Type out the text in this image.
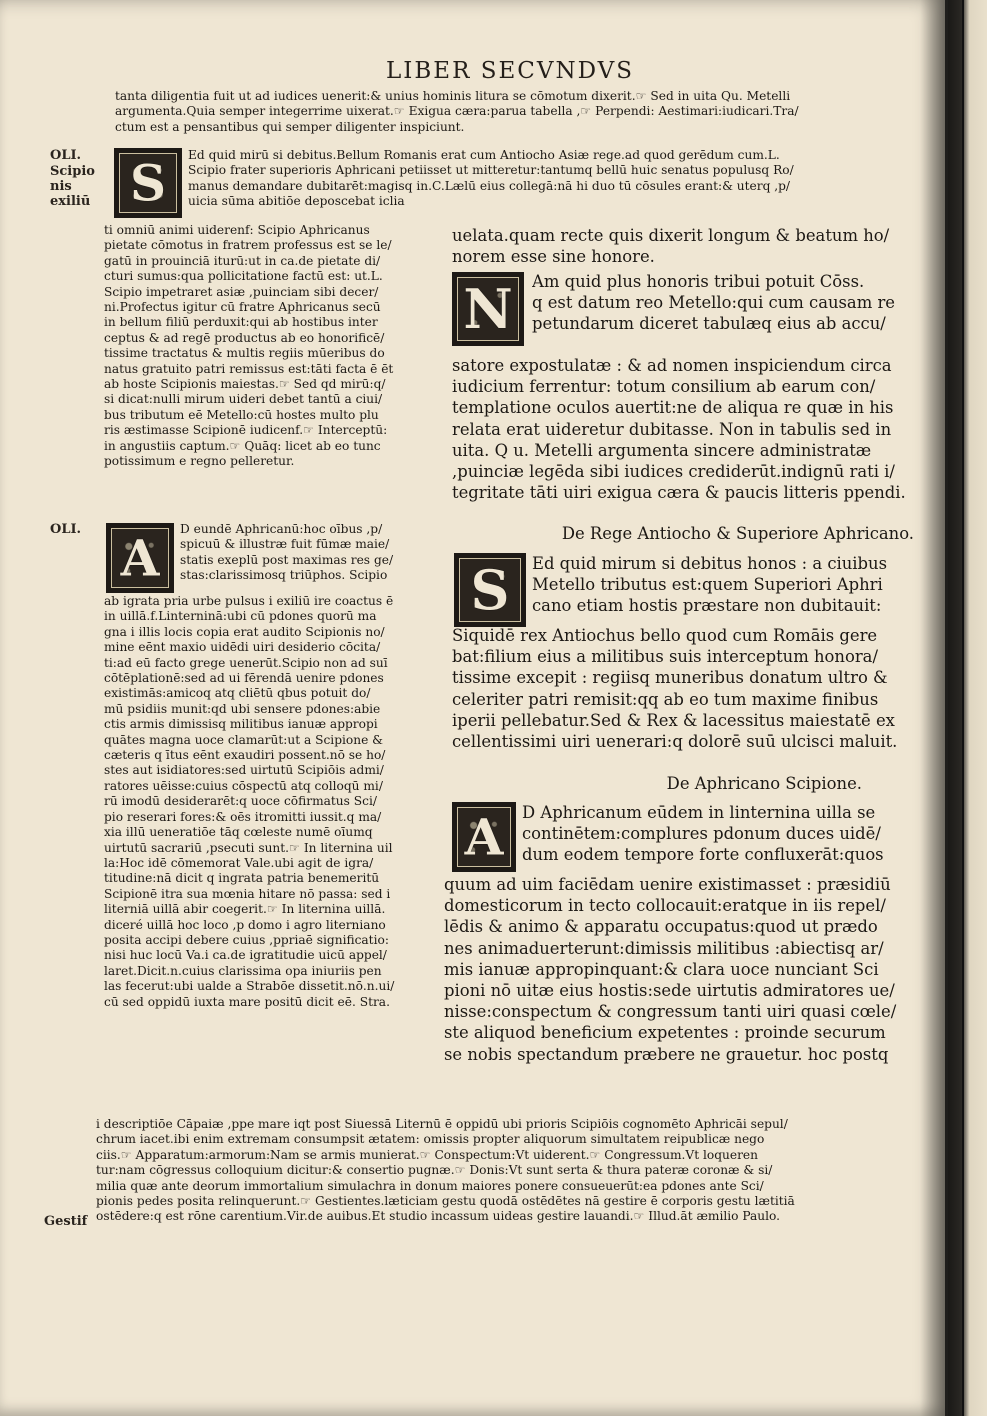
LIBER SECVNDVS
OLI.
Scipio
nis
exiliū
OLI.
Gestif
tanta diligentia fuit ut ad iudices uenerit:& unius hominis litura se cōmotum dixerit.☞ Sed in uita Qu. Metelli
argumenta.Quia semper integerrime uixerat.☞ Exigua cæra:parua tabella ,☞ Perpendi: Aestimari:iudicari.Tra/
ctum est a pensantibus qui semper diligenter inspiciunt.
S	Ed quid mirū si debitus.Bellum Romanis erat cum Antiocho Asiæ rege.ad quod gerēdum cum.L.
Scipio frater superioris Aphricani petiisset ut mitteretur:tantumq bellū huic senatus populusq Ro/
manus demandare dubitarēt:magisq in.C.Lælū eius collegā:nā hi duo tū cōsules erant:& uterq ,p/
uicia sūma abitiōe deposcebat iclia
ti omniū animi uiderenf: Scipio Aphricanus
pietate cōmotus in fratrem professus est se le/
gatū in prouinciā iturū:ut in ca.de pietate di/
cturi sumus:qua pollicitatione factū est: ut.L.
Scipio impetraret asiæ ,puinciam sibi decer/
ni.Profectus igitur cū fratre Aphricanus secū
in bellum filiū perduxit:qui ab hostibus inter
ceptus & ad regē productus ab eo honorificē/
tissime tractatus & multis regiis mūeribus do
natus gratuito patri remissus est:tāti facta ē ēt
ab hoste Scipionis maiestas.☞ Sed qd mirū:q/
si dicat:nulli mirum uideri debet tantū a ciui/
bus tributum eē Metello:cū hostes multo plu
ris æstimasse Scipionē iudicenf.☞ Interceptū:
in angustiis captum.☞ Quāq: licet ab eo tunc
potissimum e regno pelleretur.
A	D eundē Aphricanū:hoc oībus ,p/
spicuū & illustræ fuit fūmæ maie/
statis exeplū post maximas res ge/
stas:clarissimosq triūphos. Scipio
ab igrata pria urbe pulsus i exiliū ire coactus ē
in uillā.f.Linterninā:ubi cū pdones quorū ma
gna i illis locis copia erat audito Scipionis no/
mine eēnt maxio uidēdi uiri desiderio cōcita/
ti:ad eū facto grege uenerūt.Scipio non ad suī
cōtēplationē:sed ad ui fērendā uenire pdones
existimās:amicoq atq cliētū qbus potuit do/
mū psidiis munit:qd ubi sensere pdones:abie
ctis armis dimissisq militibus ianuæ appropi
quātes magna uoce clamarūt:ut a Scipione &
cæteris q ītus eēnt exaudiri possent.nō se ho/
stes aut isidiatores:sed uirtutū Scipiōis admi/
ratores uēisse:cuius cōspectū atq colloqū mi/
rū imodū desiderarēt:q uoce cōfirmatus Sci/
pio reserari fores:& oēs itromitti iussit.q ma/
xia illū ueneratiōe tāq cœleste numē oīumq
uirtutū sacrariū ,psecuti sunt.☞ In liternina uil
la:Hoc idē cōmemorat Vale.ubi agit de igra/
titudine:nā dicit q ingrata patria benemeritū
Scipionē itra sua mœnia hitare nō passa: sed i
literniā uillā abir coegerit.☞ In liternina uillā.
diceré uillā hoc loco ,p domo i agro literniano
posita accipi debere cuius ,ppriaē significatio:
nisi huc locū Va.i ca.de igratitudie uicū appel/
laret.Dicit.n.cuius clarissima opa iniuriis pen
las fecerut:ubi ualde a Strabōe dissetit.nō.n.ui/
cū sed oppidū iuxta mare positū dicit eē. Stra.
uelata.quam recte quis dixerit longum & beatum ho/
norem esse sine honore.
N	Am quid plus honoris tribui potuit Cōss.
q est datum reo Metello:qui cum causam re
petundarum diceret tabulæq eius ab accu/
satore expostulatæ : & ad nomen inspiciendum circa
iudicium ferrentur: totum consilium ab earum con/
templatione oculos auertit:ne de aliqua re quæ in his
relata erat uideretur dubitasse. Non in tabulis sed in
uita. Q u. Metelli argumenta sincere administratæ
,puinciæ legēda sibi iudices crediderūt.indignū rati i/
tegritate tāti uiri exigua cæra & paucis litteris ppendi.
De Rege Antiocho & Superiore Aphricano.
S	Ed quid mirum si debitus honos : a ciuibus
Metello tributus est:quem Superiori Aphri
cano etiam hostis præstare non dubitauit:
Siquidē rex Antiochus bello quod cum Romāis gere
bat:filium eius a militibus suis interceptum honora/
tissime excepit : regiisq muneribus donatum ultro &
celeriter patri remisit:qq ab eo tum maxime finibus
iperii pellebatur.Sed & Rex & lacessitus maiestatē ex
cellentissimi uiri uenerari:q dolorē suū ulcisci maluit.
De Aphricano Scipione.
A	D Aphricanum eūdem in linternina uilla se
continētem:complures pdonum duces uidē/
dum eodem tempore forte confluxerāt:quos
quum ad uim faciēdam uenire existimasset : præsidiū
domesticorum in tecto collocauit:eratque in iis repel/
lēdis & animo & apparatu occupatus:quod ut prædo
nes animaduerterunt:dimissis militibus :abiectisq ar/
mis ianuæ appropinquant:& clara uoce nunciant Sci
pioni nō uitæ eius hostis:sede uirtutis admiratores ue/
nisse:conspectum & congressum tanti uiri quasi cœle/
ste aliquod beneficium expetentes : proinde securum
se nobis spectandum præbere ne grauetur. hoc postq
i descriptiōe Cāpaiæ ,ppe mare iqt post Siuessā Liternū ē oppidū ubi prioris Scipiōis cognomēto Aphricāi sepul/
chrum iacet.ibi enim extremam consumpsit ætatem: omissis propter aliquorum simultatem reipublicæ nego
ciis.☞ Apparatum:armorum:Nam se armis munierat.☞ Conspectum:Vt uiderent.☞ Congressum.Vt loqueren
tur:nam cōgressus colloquium dicitur:& consertio pugnæ.☞ Donis:Vt sunt serta & thura pateræ coronæ & si/
milia quæ ante deorum immortalium simulachra in donum maiores ponere consueuerūt:ea pdones ante Sci/
pionis pedes posita relinquerunt.☞ Gestientes.læticiam gestu quodā ostēdētes nā gestire ē corporis gestu lætitiā
ostēdere:q est rōne carentium.Vir.de auibus.Et studio incassum uideas gestire lauandi.☞ Illud.āt æmilio Paulo.
